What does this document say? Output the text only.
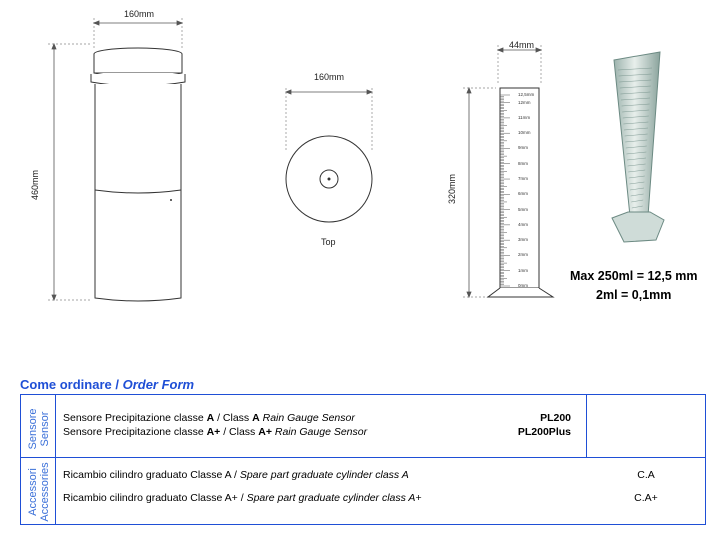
160mm
460mm
160mm
Top
44mm
320mm
12,5mm
12mm
11mm
10mm
9mm
8mm
7mm
6mm
5mm
4mm
3mm
2mm
1mm
0mm
Max 250ml = 12,5 mm
2ml = 0,1mm
Come ordinare / Order Form
Sensore Sensor
Accessori Accessories
Sensore Precipitazione classe A / Class A Rain Gauge Sensor	PL200
Sensore Precipitazione classe A+ / Class A+ Rain Gauge Sensor	PL200Plus
Ricambio cilindro graduato Classe A / Spare part graduate cylinder class A	C.A
Ricambio cilindro graduato Classe A+ / Spare part graduate cylinder class A+	C.A+
